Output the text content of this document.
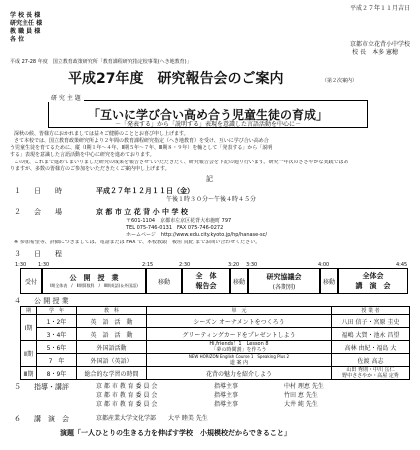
平成２７年１１月吉日
学 校 長 様
研究主任 様
教 職 員 様
各 位
京都市立花背小中学校
校 長　本多 憲穂
平成 27-28 年度　国立教育政策研究所「教育課程研究指定校事業(へき地教育)」
平成27年度　研究報告会のご案内	（第２次案内）
研 究 主 題
「互いに学び合い高め合う児童生徒の育成」
－「発表する」から「説明する」表現を意識した言語活動を中心に－
深秋の候、皆様方におかれましては益々ご健勝のこととお喜び申し上げます。
さて本校では、国立教育政策研究所より２年間の教育課程研究指定（へき地教育）を受け、互いに学び合い高め合
う児童生徒を育てるために、縦（Ⅰ期１年～４年、Ⅱ期５年～７年、Ⅲ期８・９年）を軸として「発表する」から「説明
する」表現を意識した言語活動を中心に研究を進めております。
この度、これまで進めてまいりました研究の成果を報告させていただきたく、研究報告会を下記の通り行います。研究一年次のささやかな実践ではあ
りますが、多数の皆様方のご参加をいただきたくご案内申し上げます。
記
１ 日　　時	平成２７年１２月１１日（金）
午後１時３０分～午後４時４５分
２ 会　　場	京 都 市 立 花 背 小 中 学 校
〒601-1104　京都市左京区花背大布施町 797
TEL 075-746-0131　FAX 075-746-0272
ホームページ　http://www.edu.city.kyoto.jp/hp/hanase-sc/
※ 参加希望等、詳細につきましては、電話または FAX で、本校教頭　板垣 真紀 までお問い合わせください。
３ 日　　程
1:30 1:30	2:15	2:30	3:20 3:30	4:00	4:45
受付	公　開　授　業
Ⅰ期全体表　/　Ⅱ期算数科　/　Ⅲ期英語(＆外国語)	移動
全　体
報告会	移動
研究協議会
(各期別)
移動
全体会
講　演　会
４ 公 開 授 業
期	学　年	教　科	単　元	授 業 者
Ⅰ期	1・2年	英　語　活　動	シーズン オーナメントをつくろう	八田 信子・宮原 圭史
	3・4年	英　語　活　動	グリーティングカードをプレゼントしよう	福嶋 大賀・池永 昌望
Ⅱ期	5・6年	外国語活動	Hi,friends！1　Lesson 8
「夢の時間割」を作ろう	高林 由紀・福島 大
	7　年	外国語（英語）	NEW HORIZON English Course 1　Speaking Plus 2
道 案 内	佐渡 高志
Ⅲ期	8・9年	総合的な学習の時間	花背の魅力を紹介しよう	山田 秀則・中川 岳仁
野中ささやか・高屋 定秀
５ 指導・講評	京 都 市 教 育 委 員 会	指導主事	中村 理恵 先生
京 都 市 教 育 委 員 会	指導主事	竹田 恵 先生
京 都 市 教 育 委 員 会	指導主事	大井 純 先生
６ 講　演　会	京都産業大学文化学部　　大平 睦美 先生
演題「一人ひとりの生きる力を伸ばす学校　小規模校だからできること」
